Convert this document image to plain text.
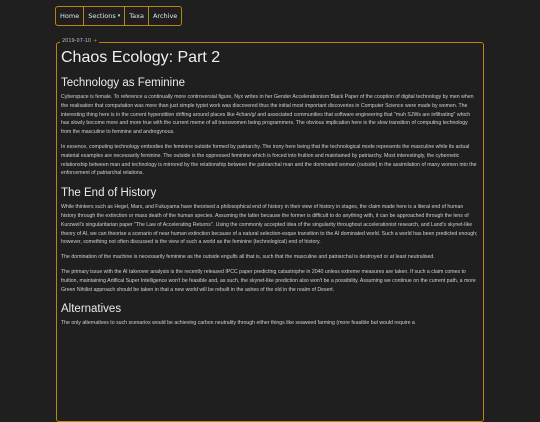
Home Sections ▾ Taxa Archive
2019-07-10 +
Chaos Ecology: Part 2
Technology as Feminine

Cyberspace is female. To reference a continually more controversial figure, Nyx writes in her Gender Accelerationism Black Paper of the cooption of digital technology by men when the realisation that computation was more than just simple typist work was discovered thus the initial most important discoveries in Computer Science were made by women. The interesting thing here is in the current hyperstition drifting around places like 4chan/g/ and associated communities that software engineering that "muh SJWs are infiltrating" which has slowly become more and more true with the current meme of all transwomen being programmers. The obvious implication here is the slow transition of computing technology from the masculine to feminine and androgynous.

In essence, computing technology embodies the feminine outside formed by patriarchy. The irony here being that the technological mode represents the masculine while its actual material examples are necessarily feminine. The outside is the oppressed feminine which is forced into fruition and maintained by patriarchy. Most interestingly, the cybernetic relationship between man and technology is mirrored by the relationship between the patriarchal man and the dominated woman (outside) in the assimilation of many women into the enforcement of patriarchal relations.

The End of History

While thinkers such as Hegel, Marx, and Fukuyama have theorised a philosophical end of history in their view of history in stages, the claim made here is a literal end of human history through the extinction or mass death of the human species. Assuming the latter because the former is difficult to do anything with, it can be approached through the lens of Kurzweil's singularitarian paper "The Law of Accelerating Returns". Using the commonly accepted idea of the singularity throughout accelerationist research, and Land's skynet-like theory of AI, we can theorise a scenario of near human extinction because of a natural selection-esque transition to the AI dominated world. Such a world has been predicted enough; however, something not often discussed is the view of such a world as the feminine (technological) end of history.

The domination of the machine is necessarily feminine as the outside engulfs all that is, such that the masculine and patriarchal is destroyed or at least neutralised.

The primary issue with the AI takeover analysis is the recently released IPCC paper predicting catastrophe in 2040 unless extreme measures are taken. If such a claim comes to fruition, maintaining Artifical Super Intelligence won't be feasible and, as such, the skynet-like prediction also won't be a possibility. Assuming we continue on the current path, a more Green Nihilist approach should be taken in that a new world will be rebuilt in the ashes of the old in the realm of Desert.

Alternatives

The only alternatives to such scenarios would be achieving carbon neutrality through either things like seaweed farming (more feasible but would require a
